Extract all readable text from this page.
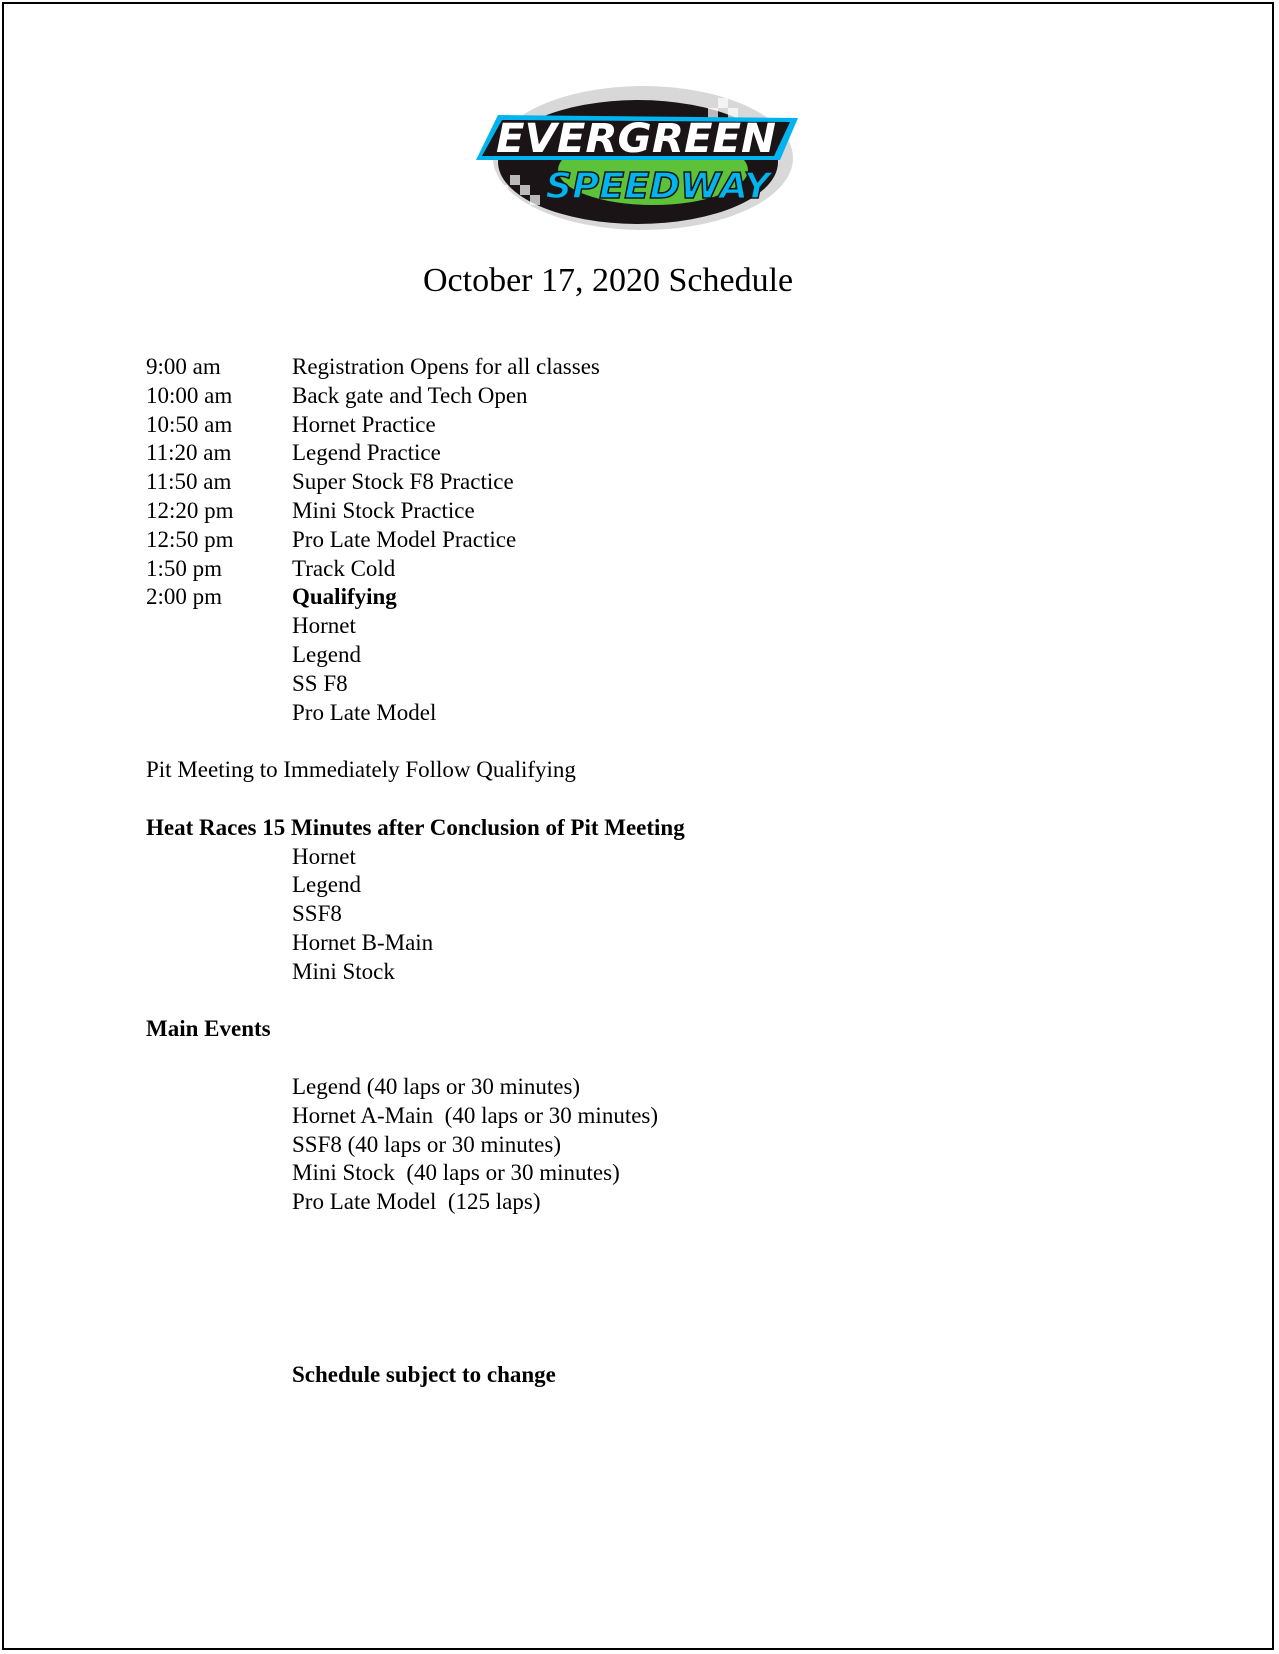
EVERGREEN
SPEEDWAY
October 17, 2020 Schedule
9:00 am	Registration Opens for all classes
10:00 am	Back gate and Tech Open
10:50 am	Hornet Practice
11:20 am	Legend Practice
11:50 am	Super Stock F8 Practice
12:20 pm	Mini Stock Practice
12:50 pm	Pro Late Model Practice
1:50 pm	Track Cold
2:00 pm	Qualifying
Hornet
Legend
SS F8
Pro Late Model
Pit Meeting to Immediately Follow Qualifying
Heat Races 15 Minutes after Conclusion of Pit Meeting
Hornet
Legend
SSF8
Hornet B-Main
Mini Stock
Main Events
Legend (40 laps or 30 minutes)
Hornet A-Main  (40 laps or 30 minutes)
SSF8 (40 laps or 30 minutes)
Mini Stock  (40 laps or 30 minutes)
Pro Late Model  (125 laps)
Schedule subject to change
